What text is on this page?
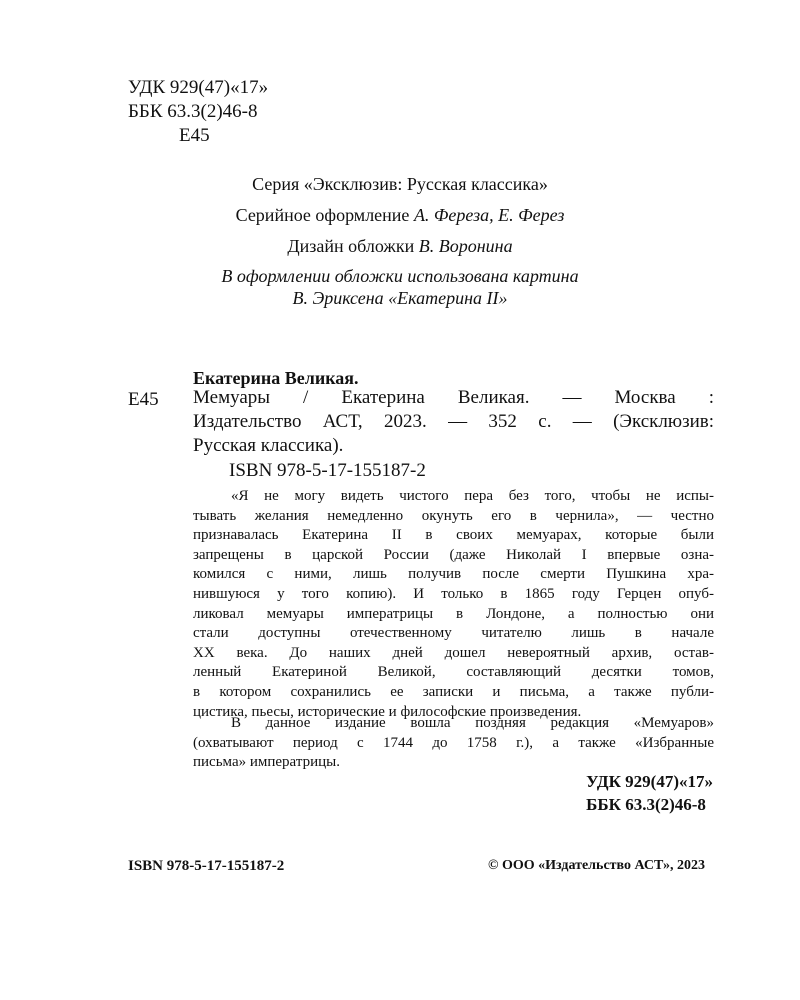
УДК 929(47)«17»
ББК 63.3(2)46-8
Е45
Серия «Эксклюзив: Русская классика»
Серийное оформление А. Фереза, Е. Ферез
Дизайн обложки В. Воронина
В оформлении обложки использована картина
В. Эриксена «Екатерина II»
Екатерина Великая.
Е45 Мемуары / Екатерина Великая. — Москва :
Издательство АСТ, 2023. — 352 с. — (Эксклюзив:
Русская классика).
ISBN 978-5-17-155187-2
«Я не могу видеть чистого пера без того, чтобы не испы-
тывать желания немедленно окунуть его в чернила», — честно
признавалась Екатерина II в своих мемуарах, которые были
запрещены в царской России (даже Николай I впервые озна-
комился с ними, лишь получив после смерти Пушкина хра-
нившуюся у того копию). И только в 1865 году Герцен опуб-
ликовал мемуары императрицы в Лондоне, а полностью они
стали доступны отечественному читателю лишь в начале
XX века. До наших дней дошел невероятный архив, остав-
ленный Екатериной Великой, составляющий десятки томов,
в котором сохранились ее записки и письма, а также публи-
цистика, пьесы, исторические и философские произведения.
В данное издание вошла поздняя редакция «Мемуаров»
(охватывают период с 1744 до 1758 г.), а также «Избранные
письма» императрицы.
УДК 929(47)«17»
ББК 63.3(2)46-8
ISBN 978-5-17-155187-2	© ООО «Издательство АСТ», 2023
